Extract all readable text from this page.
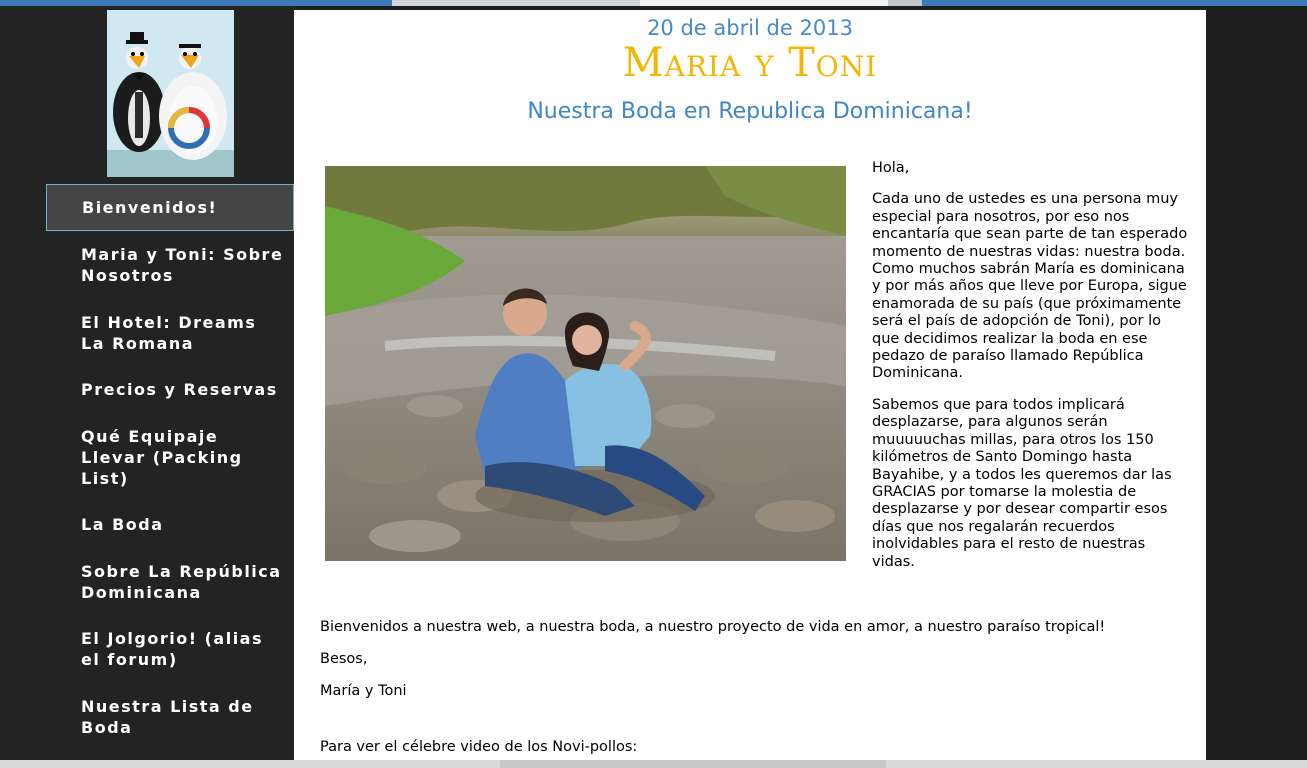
Bienvenidos!
Maria y Toni: Sobre Nosotros
El Hotel: Dreams La Romana
Precios y Reservas
Qué Equipaje Llevar (Packing List)
La Boda
Sobre La República Dominicana
El Jolgorio! (alias el forum)
Nuestra Lista de Boda
20 de abril de 2013
Maria y Toni
Nuestra Boda en Republica Dominicana!

Hola,

Cada uno de ustedes es una persona muy especial para nosotros, por eso nos encantaría que sean parte de tan esperado momento de nuestras vidas: nuestra boda. Como muchos sabrán María es dominicana y por más años que lleve por Europa, sigue enamorada de su país (que próximamente será el país de adopción de Toni), por lo que decidimos realizar la boda en ese pedazo de paraíso llamado República Dominicana.

Sabemos que para todos implicará desplazarse, para algunos serán muuuuuchas millas, para otros los 150 kilómetros de Santo Domingo hasta Bayahibe, y a todos les queremos dar las GRACIAS por tomarse la molestia de desplazarse y por desear compartir esos días que nos regalarán recuerdos inolvidables para el resto de nuestras vidas.

Bienvenidos a nuestra web, a nuestra boda, a nuestro proyecto de vida en amor, a nuestro paraíso tropical!

Besos,

María y Toni

Para ver el célebre video de los Novi-pollos:
